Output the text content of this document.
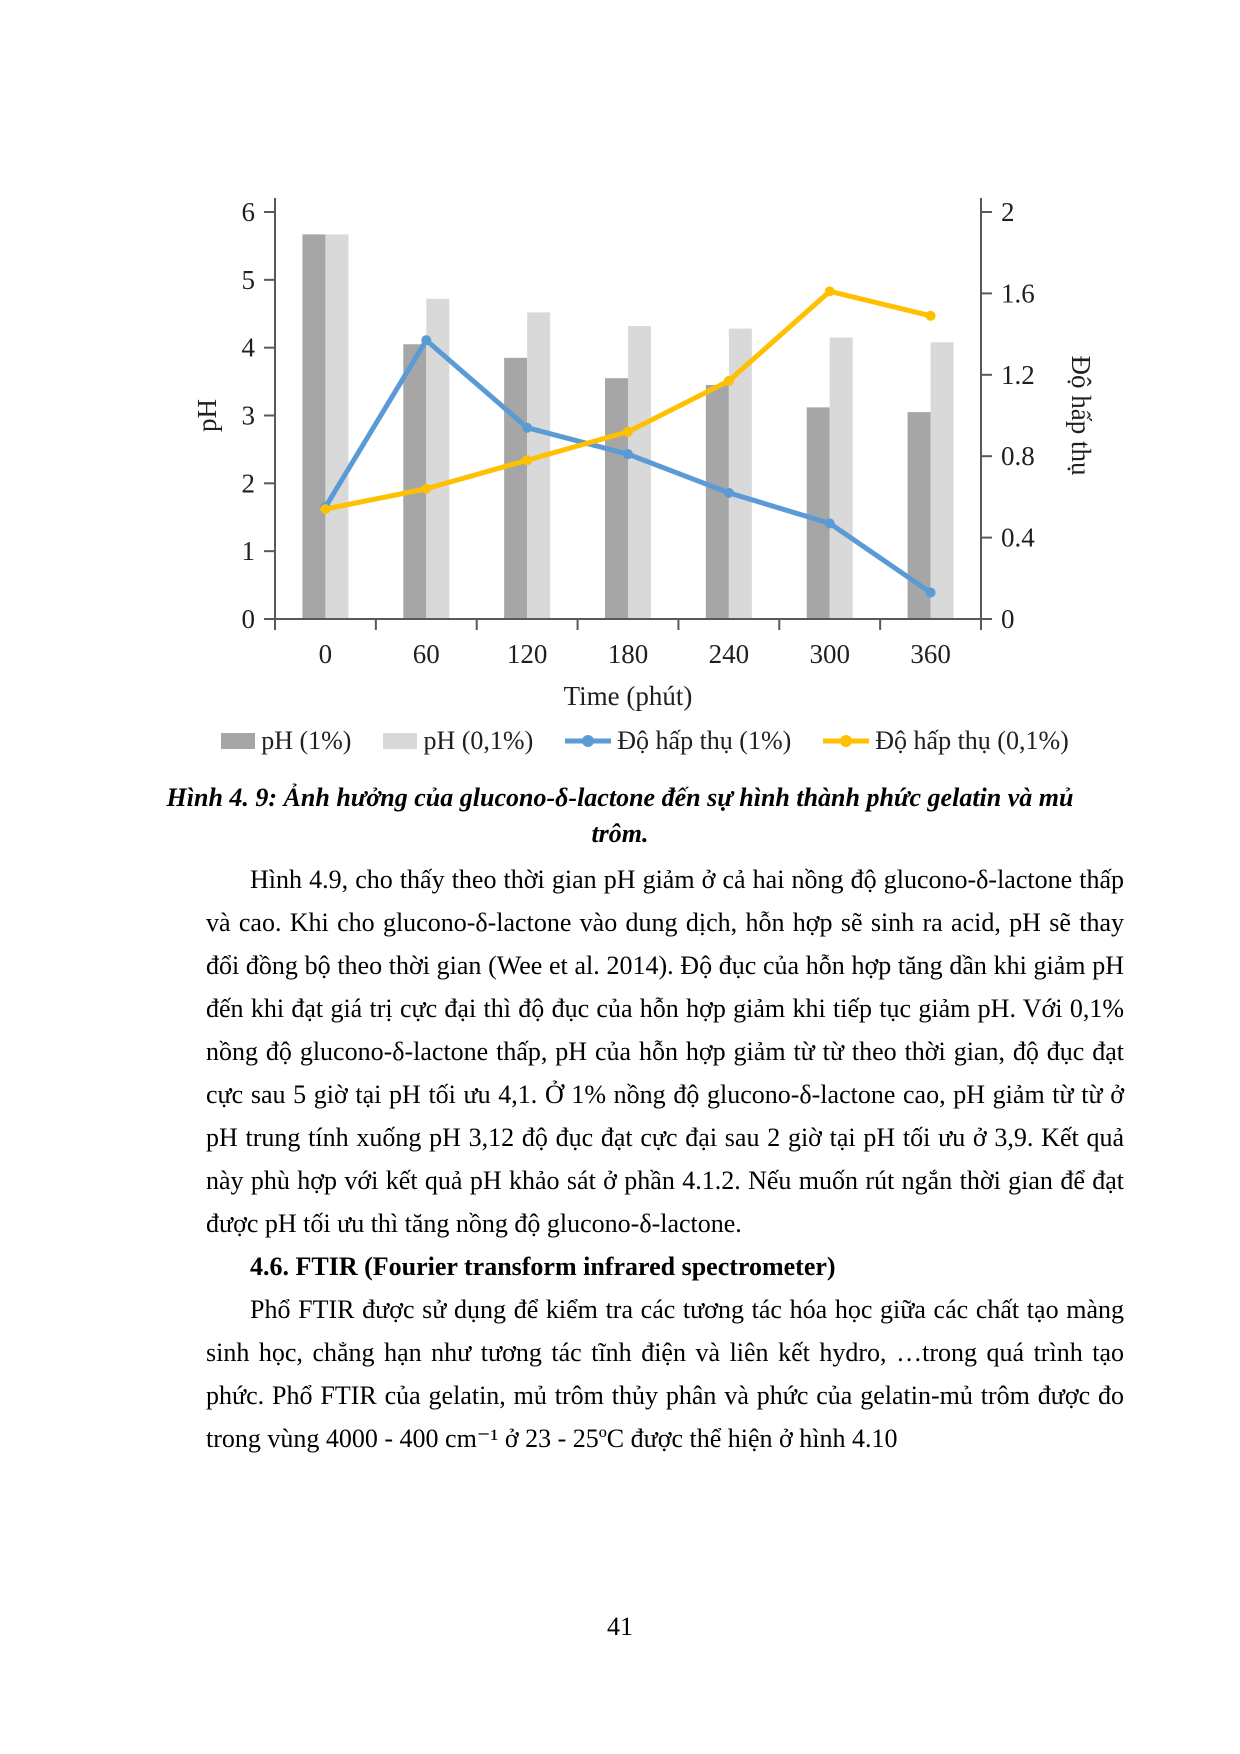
0
1
2
3
4
5
6
0
0.4
0.8
1.2
1.6
2
0	60 120 180 240 300 360
pH	Độ hấp thụ
Time (phút)
pH (1%)	pH (0,1%)	Độ hấp thụ (1%)	Độ hấp thụ (0,1%)

Hình 4. 9: Ảnh hưởng của glucono-δ-lactone đến sự hình thành phức gelatin và mủ trôm.

Hình 4.9, cho thấy theo thời gian pH giảm ở cả hai nồng độ glucono-δ-lactone thấp và cao. Khi cho glucono-δ-lactone vào dung dịch, hỗn hợp sẽ sinh ra acid, pH sẽ thay đổi đồng bộ theo thời gian (Wee et al. 2014). Độ đục của hỗn hợp tăng dần khi giảm pH đến khi đạt giá trị cực đại thì độ đục của hỗn hợp giảm khi tiếp tục giảm pH. Với 0,1% nồng độ glucono-δ-lactone thấp, pH của hỗn hợp giảm từ từ theo thời gian, độ đục đạt cực sau 5 giờ tại pH tối ưu 4,1. Ở 1% nồng độ glucono-δ-lactone cao, pH giảm từ từ ở pH trung tính xuống pH 3,12 độ đục đạt cực đại sau 2 giờ tại pH tối ưu ở 3,9. Kết quả này phù hợp với kết quả pH khảo sát ở phần 4.1.2. Nếu muốn rút ngắn thời gian để đạt được pH tối ưu thì tăng nồng độ glucono-δ-lactone.

4.6. FTIR (Fourier transform infrared spectrometer)

Phổ FTIR được sử dụng để kiểm tra các tương tác hóa học giữa các chất tạo màng sinh học, chẳng hạn như tương tác tĩnh điện và liên kết hydro, …trong quá trình tạo phức. Phổ FTIR của gelatin, mủ trôm thủy phân và phức của gelatin-mủ trôm được đo trong vùng 4000 - 400 cm⁻¹ ở 23 - 25ºC được thể hiện ở hình 4.10

41
